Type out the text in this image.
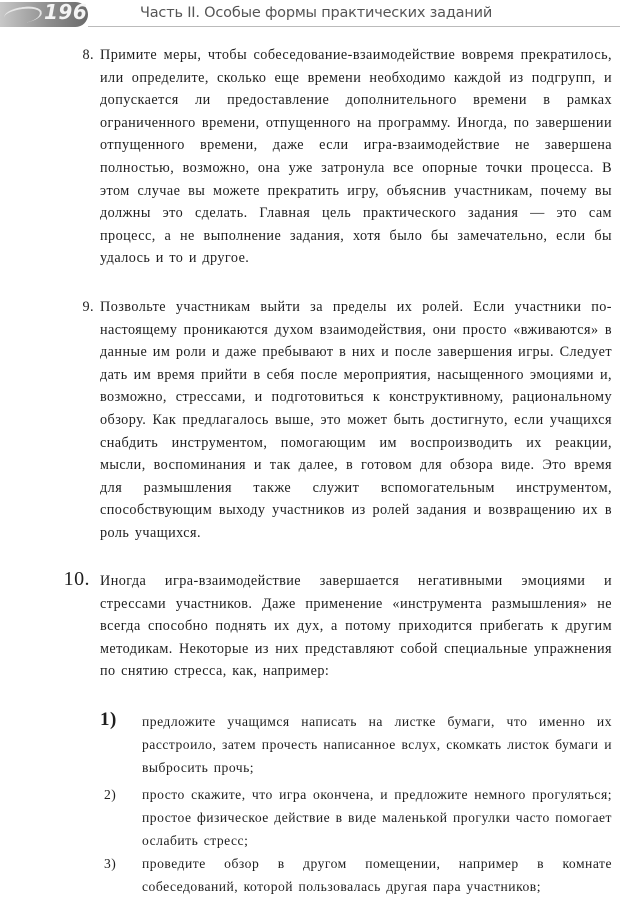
196	Часть II. Особые формы практических заданий
8. Примите меры, чтобы собеседование-взаимодействие вовремя прекратилось, или определите, сколько еще времени необходимо каждой из подгрупп, и допускается ли предоставление дополнительного времени в рамках ограниченного времени, отпущенного на программу. Иногда, по завершении отпущенного времени, даже если игра-взаимодействие не завершена полностью, возможно, она уже затронула все опорные точки процесса. В этом случае вы можете прекратить игру, объяснив участникам, почему вы должны это сделать. Главная цель практического задания — это сам процесс, а не выполнение задания, хотя было бы замечательно, если бы удалось и то и другое.
9. Позвольте участникам выйти за пределы их ролей. Если участники по-настоящему проникаются духом взаимодействия, они просто «вживаются» в данные им роли и даже пребывают в них и после завершения игры. Следует дать им время прийти в себя после мероприятия, насыщенного эмоциями и, возможно, стрессами, и подготовиться к конструктивному, рациональному обзору. Как предлагалось выше, это может быть достигнуто, если учащихся снабдить инструментом, помогающим им воспроизводить их реакции, мысли, воспоминания и так далее, в готовом для обзора виде. Это время для размышления также служит вспомогательным инструментом, способствующим выходу участников из ролей задания и возвращению их в роль учащихся.
10. Иногда игра-взаимодействие завершается негативными эмоциями и стрессами участников. Даже применение «инструмента размышления» не всегда способно поднять их дух, а потому приходится прибегать к другим методикам. Некоторые из них представляют собой специальные упражнения по снятию стресса, как, например:
1) предложите учащимся написать на листке бумаги, что именно их расстроило, затем прочесть написанное вслух, скомкать листок бумаги и выбросить прочь;
2) просто скажите, что игра окончена, и предложите немного прогуляться; простое физическое действие в виде маленькой прогулки часто помогает ослабить стресс;
3) проведите обзор в другом помещении, например в комнате собеседований, которой пользовалась другая пара участников;
